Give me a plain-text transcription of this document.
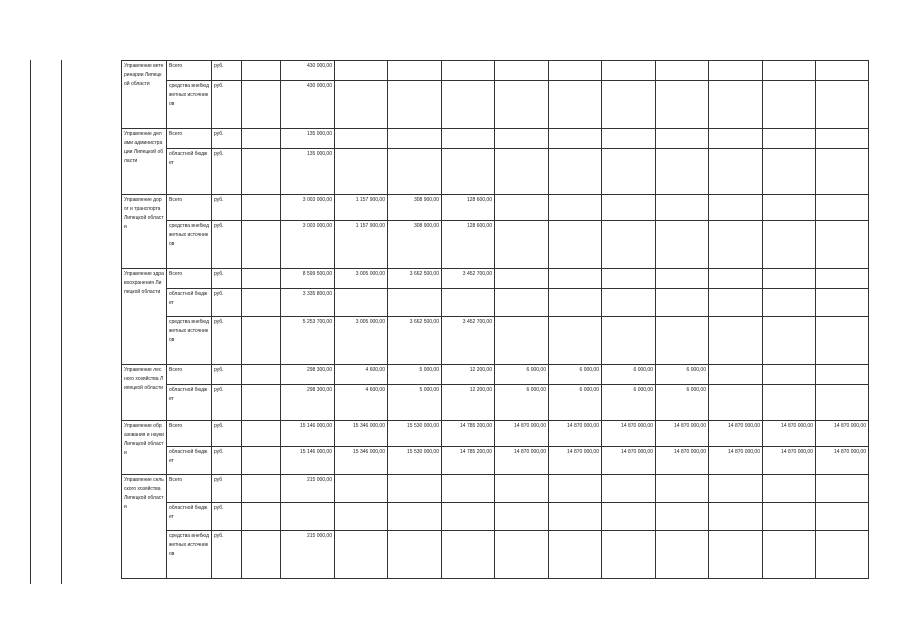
Управление ветеринарии Липецкой области	Всего	руб.		430 000,00											
	средства внебюджетных источников	руб.		430 000,00											
Управление делами администрации Липецкой области	Всего	руб.		135 000,00											
	областной бюджет	руб.		135 000,00											
Управление дорог и транспорта Липецкой области	Всего	руб.		3 003 000,00	1 157 900,00	308 900,00	128 600,00								
	средства внебюджетных источников	руб.		3 003 000,00	1 157 900,00	308 900,00	128 600,00								
Управление здравоохранения Липецкой области	Всего	руб.		8 599 500,00	3 005 000,00	3 662 500,00	3 452 700,00								
	областной бюджет	руб.		3 335 800,00											
	средства внебюджетных источников	руб.		5 253 700,00	3 005 000,00	3 662 500,00	3 452 700,00								
Управление лесного хозяйства Липецкой области	Всего	руб.		298 300,00	4 600,00	5 000,00	12 200,00	6 000,00	6 000,00	6 000,00	6 000,00				
	областной бюджет	руб.		298 300,00	4 600,00	5 000,00	12 200,00	6 000,00	6 000,00	6 000,00	6 000,00				
Управление образования и науки Липецкой области	Всего	руб.		15 146 000,00	15 346 000,00	15 530 000,00	14 785 200,00	14 870 000,00	14 870 000,00	14 870 000,00	14 870 000,00	14 870 000,00	14 870 000,00	14 870 000,00	
	областной бюджет	руб.		15 146 000,00	15 346 000,00	15 530 000,00	14 785 200,00	14 870 000,00	14 870 000,00	14 870 000,00	14 870 000,00	14 870 000,00	14 870 000,00	14 870 000,00	
Управление сельского хозяйства Липецкой области	Всего	руб		215 000,00											
	областной бюджет	руб.													
	средства внебюджетных источников	руб.		215 000,00											
